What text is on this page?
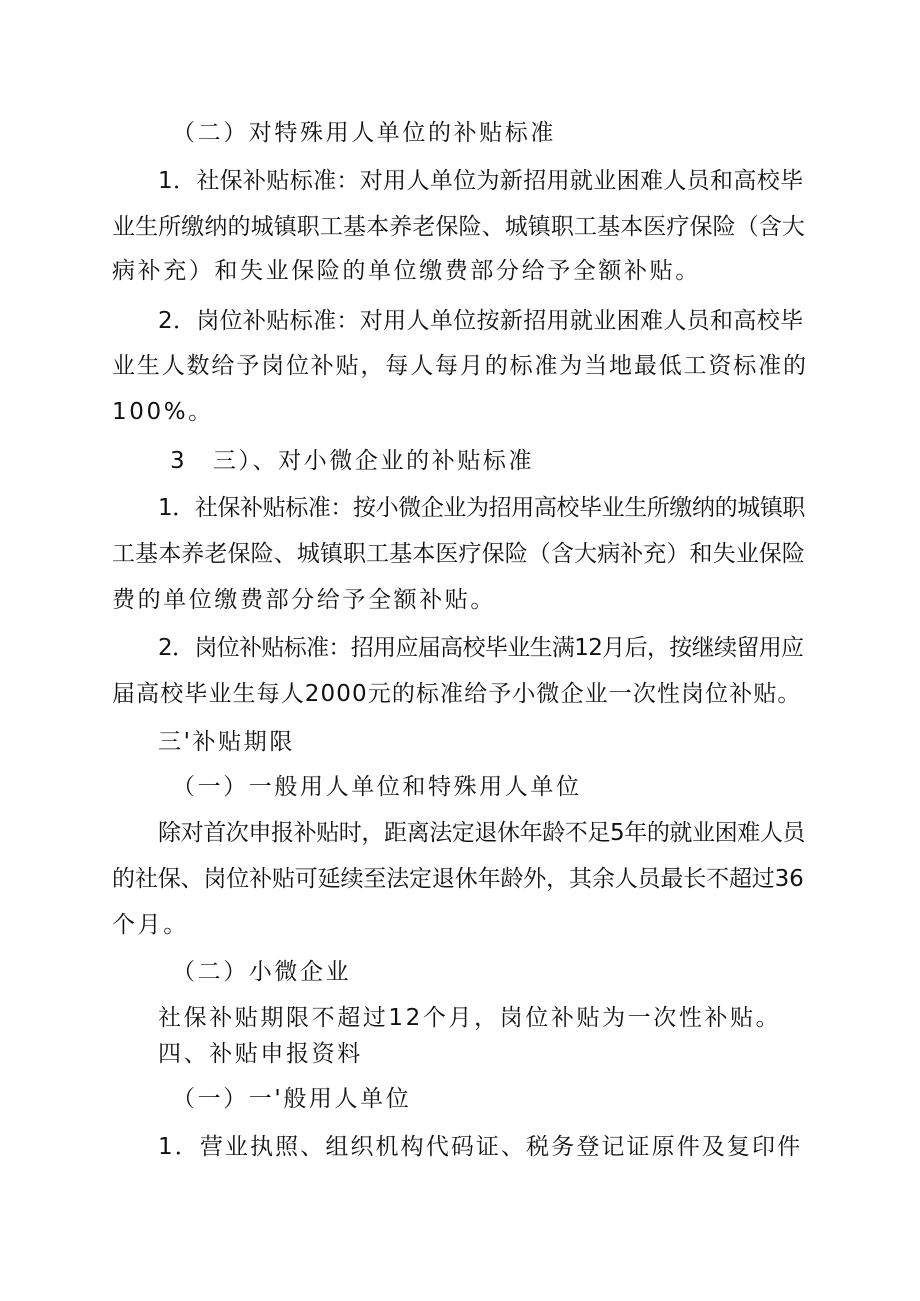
（二）对特殊用人单位的补贴标准
1．社保补贴标准：对用人单位为新招用就业困难人员和高校毕
业生所缴纳的城镇职工基本养老保险、城镇职工基本医疗保险（含大
病补充）和失业保险的单位缴费部分给予全额补贴。
2．岗位补贴标准：对用人单位按新招用就业困难人员和高校毕
业生人数给予岗位补贴，每人每月的标准为当地最低工资标准的
100%。
3　三）、对小微企业的补贴标准
1．社保补贴标准：按小微企业为招用高校毕业生所缴纳的城镇职
工基本养老保险、城镇职工基本医疗保险（含大病补充）和失业保险
费的单位缴费部分给予全额补贴。
2．岗位补贴标准：招用应届高校毕业生满12月后，按继续留用应
届高校毕业生每人2000元的标准给予小微企业一次性岗位补贴。
三'补贴期限
（一）一般用人单位和特殊用人单位
除对首次申报补贴时，距离法定退休年龄不足5年的就业困难人员
的社保、岗位补贴可延续至法定退休年龄外，其余人员最长不超过36
个月。
（二）小微企业
社保补贴期限不超过12个月，岗位补贴为一次性补贴。
四、补贴申报资料
（一）一'般用人单位
1．营业执照、组织机构代码证、税务登记证原件及复印件
